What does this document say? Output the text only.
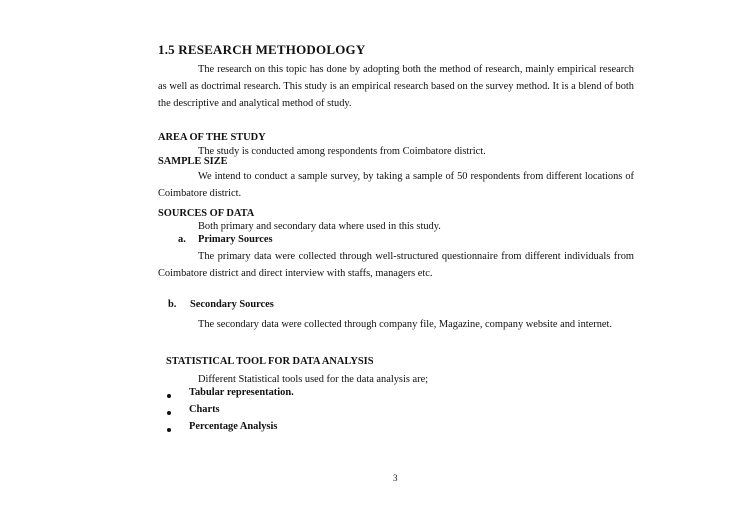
1.5 RESEARCH METHODOLOGY
The research on this topic has done by adopting both the method of research, mainly empirical research as well as doctrimal research. This study is an empirical research based on the survey method. It is a blend of both the descriptive and analytical method of study.
AREA OF THE STUDY
The study is conducted among respondents from Coimbatore district.
SAMPLE SIZE
We intend to conduct a sample survey, by taking a sample of 50 respondents from different locations of Coimbatore district.
SOURCES OF DATA
Both primary and secondary data where used in this study.
a. Primary Sources
The primary data were collected through well-structured questionnaire from different individuals from Coimbatore district and direct interview with staffs, managers etc.
b. Secondary Sources
The secondary data were collected through company file, Magazine, company website and internet.
STATISTICAL TOOL FOR DATA ANALYSIS
Different Statistical tools used for the data analysis are;
Tabular representation.
Charts
Percentage Analysis
3
